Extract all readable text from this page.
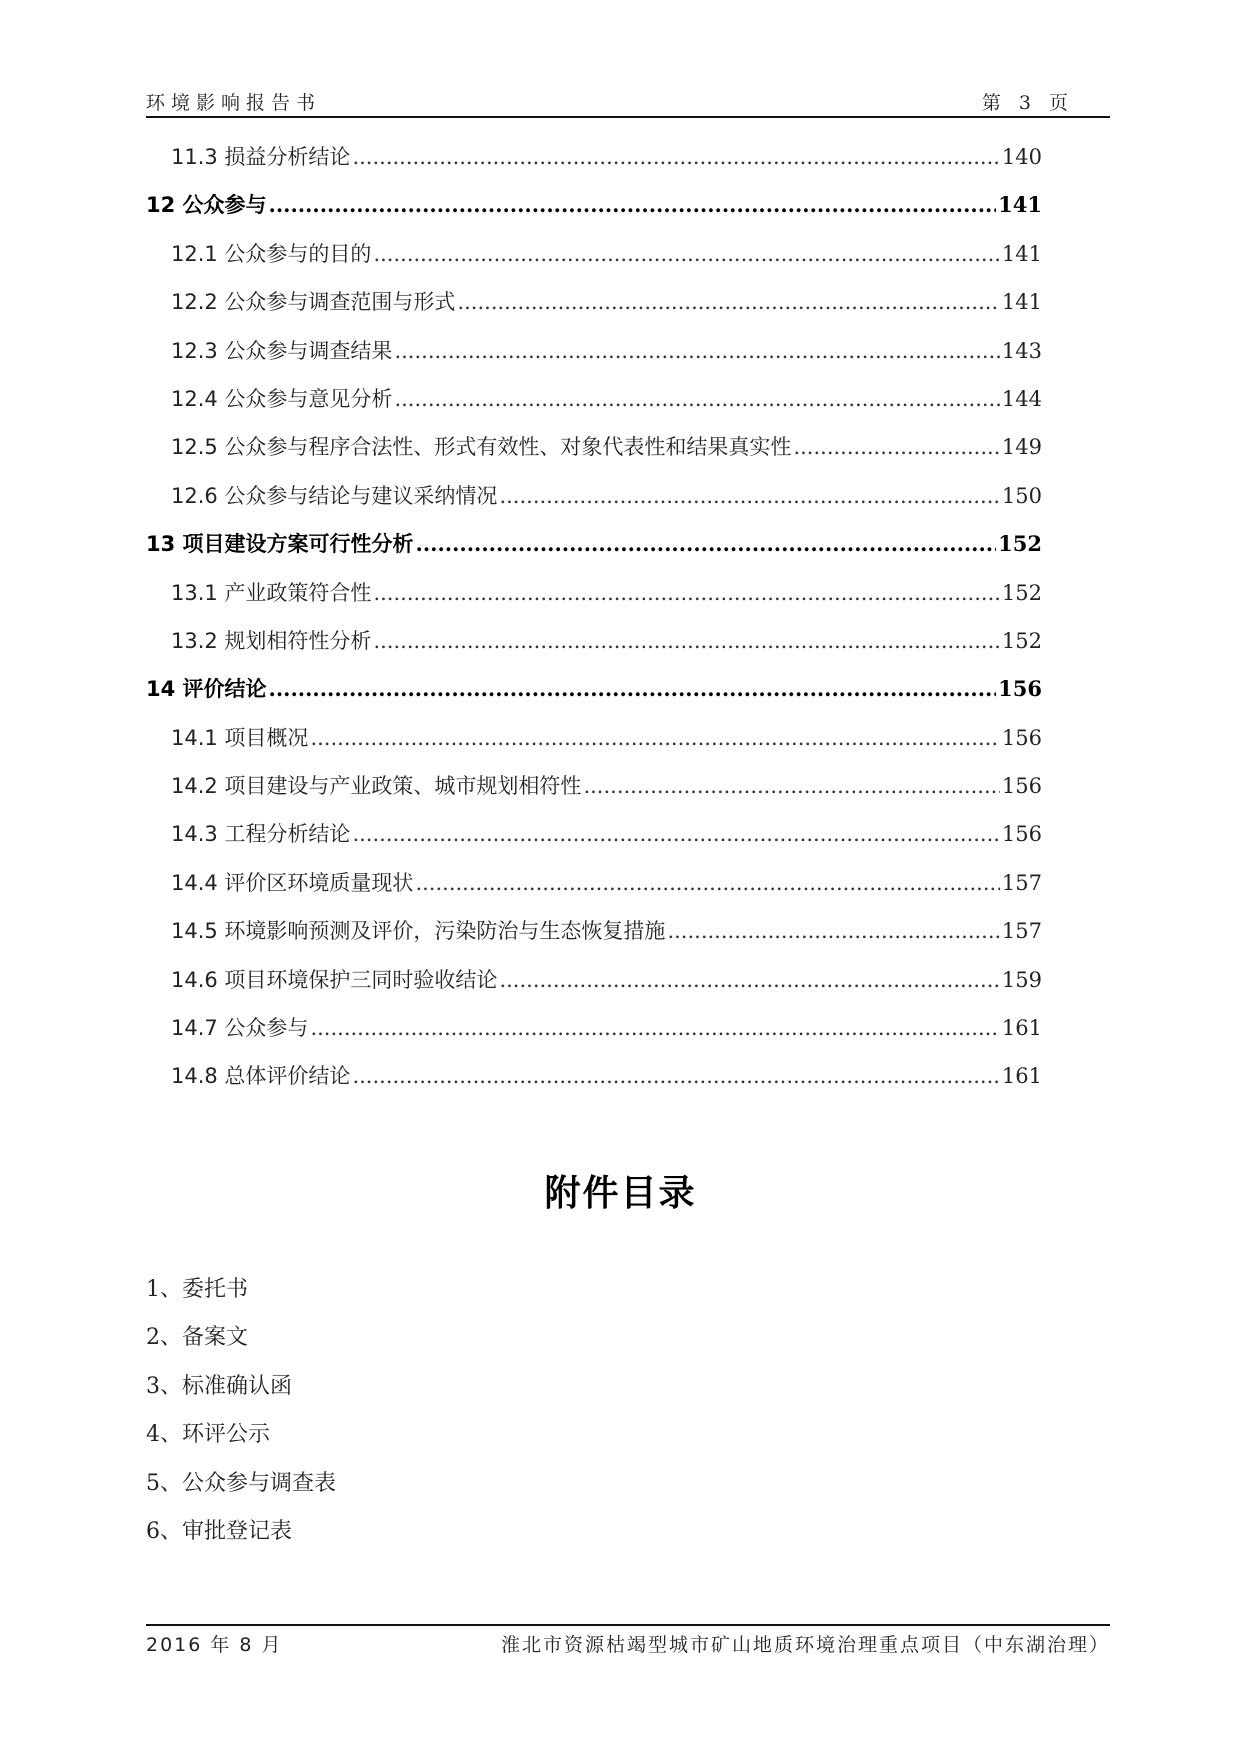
环境影响报告书	第 3 页
11.3 损益分析结论 .....	140
12 公众参与 .....	141
12.1 公众参与的目的 .....	141
12.2 公众参与调查范围与形式 .....	141
12.3 公众参与调查结果 .....	143
12.4 公众参与意见分析 .....	144
12.5 公众参与程序合法性、形式有效性、对象代表性和结果真实性 .....	149
12.6 公众参与结论与建议采纳情况 .....	150
13 项目建设方案可行性分析 .....	152
13.1 产业政策符合性 .....	152
13.2 规划相符性分析 .....	152
14 评价结论 .....	156
14.1 项目概况 .....	156
14.2 项目建设与产业政策、城市规划相符性 .....	156
14.3 工程分析结论 .....	156
14.4 评价区环境质量现状 .....	157
14.5 环境影响预测及评价，污染防治与生态恢复措施 .....	157
14.6 项目环境保护三同时验收结论 .....	159
14.7 公众参与 .....	161
14.8 总体评价结论 .....	161
附件目录
1、委托书
2、备案文
3、标准确认函
4、环评公示
5、公众参与调查表
6、审批登记表
2016 年 8 月	淮北市资源枯竭型城市矿山地质环境治理重点项目（中东湖治理）
